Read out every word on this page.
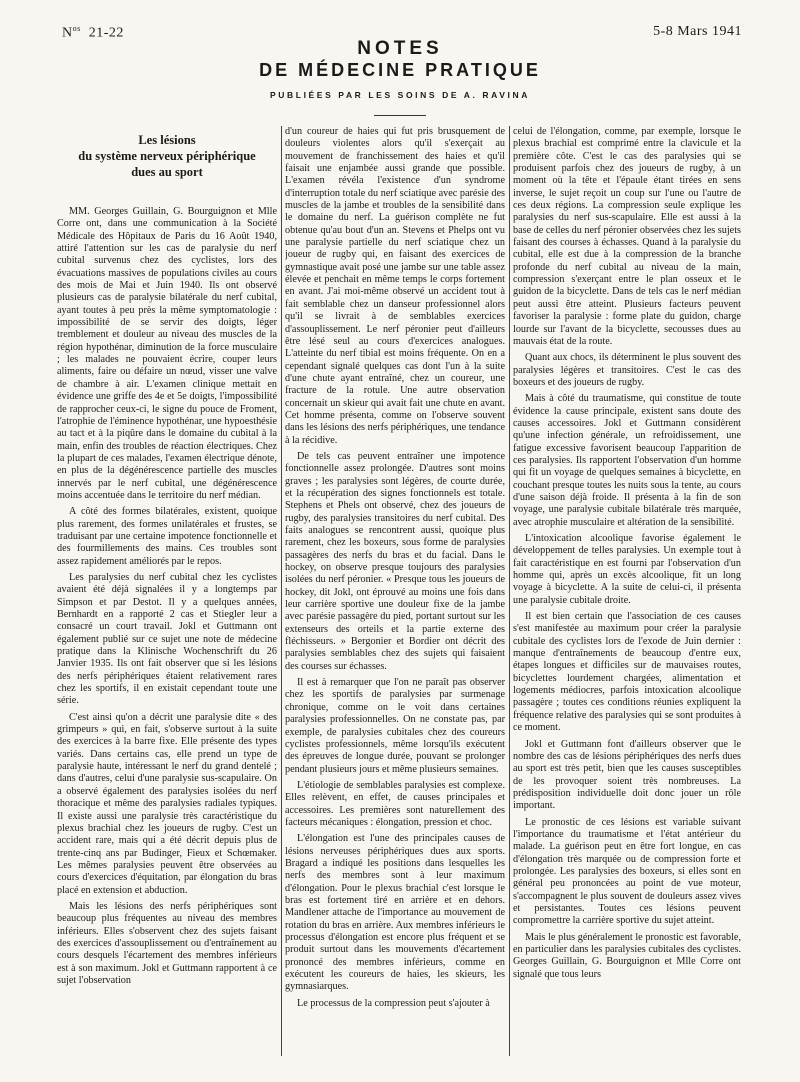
$N^{os}$ 21-22	5-8 Mars 1941
NOTES
DE MÉDECINE PRATIQUE
PUBLIÉES PAR LES SOINS DE A. RAVINA
Les lésions
du système nerveux périphérique
dues au sport

MM. Georges Guillain, G. Bourguignon et Mlle Corre ont, dans une communication à la Société Médicale des Hôpitaux de Paris du 16 Août 1940, attiré l'attention sur les cas de paralysie du nerf cubital survenus chez des cyclistes, lors des évacuations massives de populations civiles au cours des mois de Mai et Juin 1940. Ils ont observé plusieurs cas de paralysie bilatérale du nerf cubital, ayant toutes à peu près la même symptomatologie : impossibilité de se servir des doigts, léger tremblement et douleur au niveau des muscles de la région hypothénar, diminution de la force musculaire ; les malades ne pouvaient écrire, couper leurs aliments, faire ou défaire un nœud, visser une valve de chambre à air. L'examen clinique mettait en évidence une griffe des 4e et 5e doigts, l'impossibilité de rapprocher ceux-ci, le signe du pouce de Froment, l'atrophie de l'éminence hypothénar, une hypoesthésie au tact et à la piqûre dans le domaine du cubital à la main, enfin des troubles de réaction électriques. Chez la plupart de ces malades, l'examen électrique dénote, en plus de la dégénérescence partielle des muscles innervés par le nerf cubital, une dégénérescence moins accentuée dans le territoire du nerf médian.

A côté des formes bilatérales, existent, quoique plus rarement, des formes unilatérales et frustes, se traduisant par une certaine impotence fonctionnelle et des fourmillements des mains. Ces troubles sont assez rapidement améliorés par le repos.

Les paralysies du nerf cubital chez les cyclistes avaient été déjà signalées il y a longtemps par Simpson et par Destot. Il y a quelques années, Bernhardt en a rapporté 2 cas et Stiegler leur a consacré un court travail. Jokl et Guttmann ont également publié sur ce sujet une note de médecine pratique dans la Klinische Wochenschrift du 26 Janvier 1935. Ils ont fait observer que si les lésions des nerfs périphériques étaient relativement rares chez les sportifs, il en existait cependant toute une série.

C'est ainsi qu'on a décrit une paralysie dite « des grimpeurs » qui, en fait, s'observe surtout à la suite des exercices à la barre fixe. Elle présente des types variés. Dans certains cas, elle prend un type de paralysie haute, intéressant le nerf du grand dentelé ; dans d'autres, celui d'une paralysie sus-scapulaire. On a observé également des paralysies isolées du nerf thoracique et même des paralysies radiales typiques. Il existe aussi une paralysie très caractéristique du plexus brachial chez les joueurs de rugby. C'est un accident rare, mais qui a été décrit depuis plus de trente-cinq ans par Budinger, Fieux et Schœmaker. Les mêmes paralysies peuvent être observées au cours d'exercices d'équitation, par élongation du bras placé en extension et abduction.

Mais les lésions des nerfs périphériques sont beaucoup plus fréquentes au niveau des membres inférieurs. Elles s'observent chez des sujets faisant des exercices d'assouplissement ou d'entraînement au cours desquels l'écartement des membres inférieurs est à son maximum. Jokl et Guttmann rapportent à ce sujet l'observation

d'un coureur de haies qui fut pris brusquement de douleurs violentes alors qu'il s'exerçait au mouvement de franchissement des haies et qu'il faisait une enjambée aussi grande que possible. L'examen révéla l'existence d'un syndrome d'interruption totale du nerf sciatique avec parésie des muscles de la jambe et troubles de la sensibilité dans le domaine du nerf. La guérison complète ne fut obtenue qu'au bout d'un an. Stevens et Phelps ont vu une paralysie partielle du nerf sciatique chez un joueur de rugby qui, en faisant des exercices de gymnastique avait posé une jambe sur une table assez élevée et penchait en même temps le corps fortement en avant. J'ai moi-même observé un accident tout à fait semblable chez un danseur professionnel alors qu'il se livrait à de semblables exercices d'assouplissement. Le nerf péronier peut d'ailleurs être lésé seul au cours d'exercices analogues. L'atteinte du nerf tibial est moins fréquente. On en a cependant signalé quelques cas dont l'un à la suite d'une chute ayant entraîné, chez un coureur, une fracture de la rotule. Une autre observation concernait un skieur qui avait fait une chute en avant. Cet homme présenta, comme on l'observe souvent dans les lésions des nerfs périphériques, une tendance à la récidive.

De tels cas peuvent entraîner une impotence fonctionnelle assez prolongée. D'autres sont moins graves ; les paralysies sont légères, de courte durée, et la récupération des signes fonctionnels est totale. Stephens et Phels ont observé, chez des joueurs de rugby, des paralysies transitoires du nerf cubital. Des faits analogues se rencontrent aussi, quoique plus rarement, chez les boxeurs, sous forme de paralysies passagères des nerfs du bras et du facial. Dans le hockey, on observe presque toujours des paralysies isolées du nerf péronier. « Presque tous les joueurs de hockey, dit Jokl, ont éprouvé au moins une fois dans leur carrière sportive une douleur fixe de la jambe avec parésie passagère du pied, portant surtout sur les extenseurs des orteils et la partie externe des fléchisseurs. » Bergonier et Bordier ont décrit des paralysies semblables chez des sujets qui faisaient des courses sur échasses.

Il est à remarquer que l'on ne paraît pas observer chez les sportifs de paralysies par surmenage chronique, comme on le voit dans certaines paralysies professionnelles. On ne constate pas, par exemple, de paralysies cubitales chez des coureurs cyclistes professionnels, même lorsqu'ils exécutent des épreuves de longue durée, pouvant se prolonger pendant plusieurs jours et même plusieurs semaines.

L'étiologie de semblables paralysies est complexe. Elles relèvent, en effet, de causes principales et accessoires. Les premières sont naturellement des facteurs mécaniques : élongation, pression et choc.

L'élongation est l'une des principales causes de lésions nerveuses périphériques dues aux sports. Bragard a indiqué les positions dans lesquelles les nerfs des membres sont à leur maximum d'élongation. Pour le plexus brachial c'est lorsque le bras est fortement tiré en arrière et en dehors. Mandlener attache de l'importance au mouvement de rotation du bras en arrière. Aux membres inférieurs le processus d'élongation est encore plus fréquent et se produit surtout dans les mouvements d'écartement prononcé des membres inférieurs, comme en exécutent les coureurs de haies, les skieurs, les gymnasiarques.

Le processus de la compression peut s'ajouter à

celui de l'élongation, comme, par exemple, lorsque le plexus brachial est comprimé entre la clavicule et la première côte. C'est le cas des paralysies qui se produisent parfois chez des joueurs de rugby, à un moment où la tête et l'épaule étant tirées en sens inverse, le sujet reçoit un coup sur l'une ou l'autre de ces deux régions. La compression seule explique les paralysies du nerf sus-scapulaire. Elle est aussi à la base de celles du nerf péronier observées chez les sujets faisant des courses à échasses. Quand à la paralysie du cubital, elle est due à la compression de la branche profonde du nerf cubital au niveau de la main, compression s'exerçant entre le plan osseux et le guidon de la bicyclette. Dans de tels cas le nerf médian peut aussi être atteint. Plusieurs facteurs peuvent favoriser la paralysie : forme plate du guidon, charge lourde sur l'avant de la bicyclette, secousses dues au mauvais état de la route.

Quant aux chocs, ils déterminent le plus souvent des paralysies légères et transitoires. C'est le cas des boxeurs et des joueurs de rugby.

Mais à côté du traumatisme, qui constitue de toute évidence la cause principale, existent sans doute des causes accessoires. Jokl et Guttmann considèrent qu'une infection générale, un refroidissement, une fatigue excessive favorisent beaucoup l'apparition de ces paralysies. Ils rapportent l'observation d'un homme qui fit un voyage de quelques semaines à bicyclette, en couchant presque toutes les nuits sous la tente, au cours d'une saison déjà froide. Il présenta à la fin de son voyage, une paralysie cubitale bilatérale très marquée, avec atrophie musculaire et altération de la sensibilité.

L'intoxication alcoolique favorise également le développement de telles paralysies. Un exemple tout à fait caractéristique en est fourni par l'observation d'un homme qui, après un excès alcoolique, fit un long voyage à bicyclette. A la suite de celui-ci, il présenta une paralysie cubitale droite.

Il est bien certain que l'association de ces causes s'est manifestée au maximum pour créer la paralysie cubitale des cyclistes lors de l'exode de Juin dernier : manque d'entraînements de beaucoup d'entre eux, étapes longues et difficiles sur de mauvaises routes, bicyclettes lourdement chargées, alimentation et logements médiocres, parfois intoxication alcoolique passagère ; toutes ces conditions réunies expliquent la fréquence relative des paralysies qui se sont produites à ce moment.

Jokl et Guttmann font d'ailleurs observer que le nombre des cas de lésions périphériques des nerfs dues au sport est très petit, bien que les causes susceptibles de les provoquer soient très nombreuses. La prédisposition individuelle doit donc jouer un rôle important.

Le pronostic de ces lésions est variable suivant l'importance du traumatisme et l'état antérieur du malade. La guérison peut en être fort longue, en cas d'élongation très marquée ou de compression forte et prolongée. Les paralysies des boxeurs, si elles sont en général peu prononcées au point de vue moteur, s'accompagnent le plus souvent de douleurs assez vives et persistantes. Toutes ces lésions peuvent compromettre la carrière sportive du sujet atteint.

Mais le plus généralement le pronostic est favorable, en particulier dans les paralysies cubitales des cyclistes. Georges Guillain, G. Bourguignon et Mlle Corre ont signalé que tous leurs
